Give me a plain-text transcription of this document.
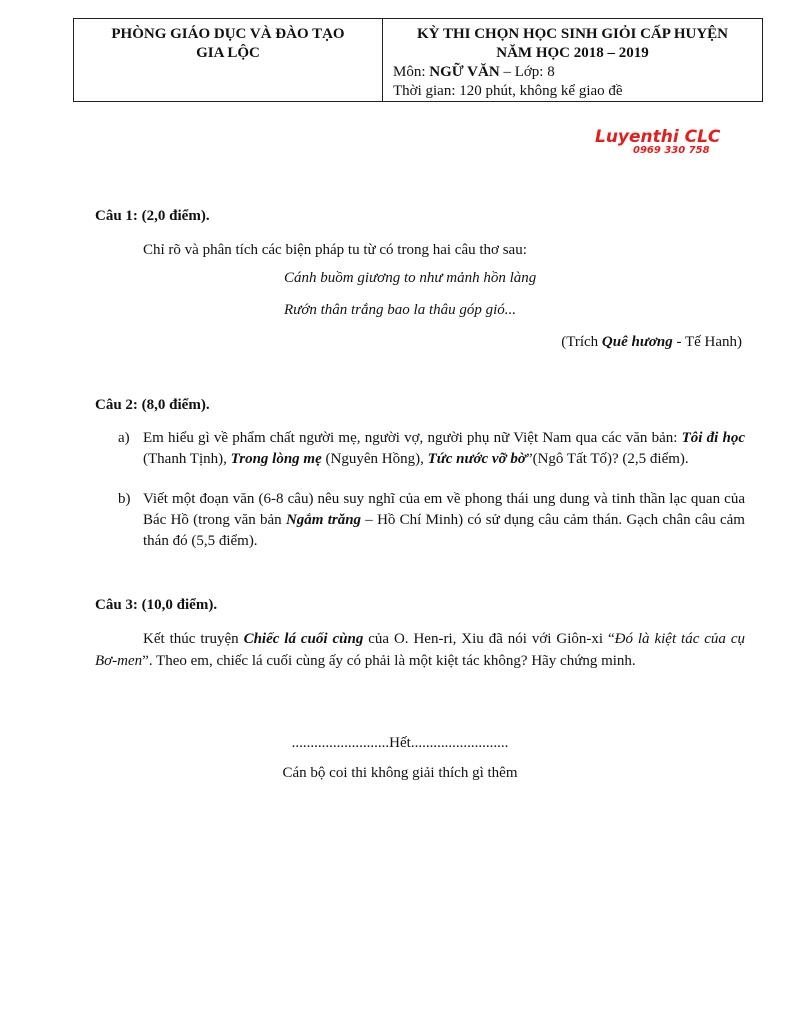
PHÒNG GIÁO DỤC VÀ ĐÀO TẠO
GIA LỘC
KỲ THI CHỌN HỌC SINH GIỎI CẤP HUYỆN
NĂM HỌC 2018 – 2019
Môn: NGỮ VĂN – Lớp: 8
Thời gian: 120 phút, không kể giao đề
Luyenthi CLC
0969 330 758
Câu 1: (2,0 điểm).
Chỉ rõ và phân tích các biện pháp tu từ có trong hai câu thơ sau:
Cánh buồm giương to như mảnh hồn làng
Rướn thân trắng bao la thâu góp gió...
(Trích Quê hương - Tế Hanh)
Câu 2: (8,0 điểm).
a) Em hiểu gì về phẩm chất người mẹ, người vợ, người phụ nữ Việt Nam qua các văn bản: Tôi đi học (Thanh Tịnh), Trong lòng mẹ (Nguyên Hồng), Tức nước vỡ bờ”(Ngô Tất Tố)? (2,5 điểm).
b) Viết một đoạn văn (6-8 câu) nêu suy nghĩ của em về phong thái ung dung và tinh thần lạc quan của Bác Hồ (trong văn bản Ngắm trăng – Hồ Chí Minh) có sử dụng câu cảm thán. Gạch chân câu cảm thán đó (5,5 điểm).
Câu 3: (10,0 điểm).
Kết thúc truyện Chiếc lá cuối cùng của O. Hen-ri, Xiu đã nói với Giôn-xi “Đó là kiệt tác của cụ Bơ-men”. Theo em, chiếc lá cuối cùng ấy có phải là một kiệt tác không? Hãy chứng minh.
..........................Hết..........................
Cán bộ coi thi không giải thích gì thêm
